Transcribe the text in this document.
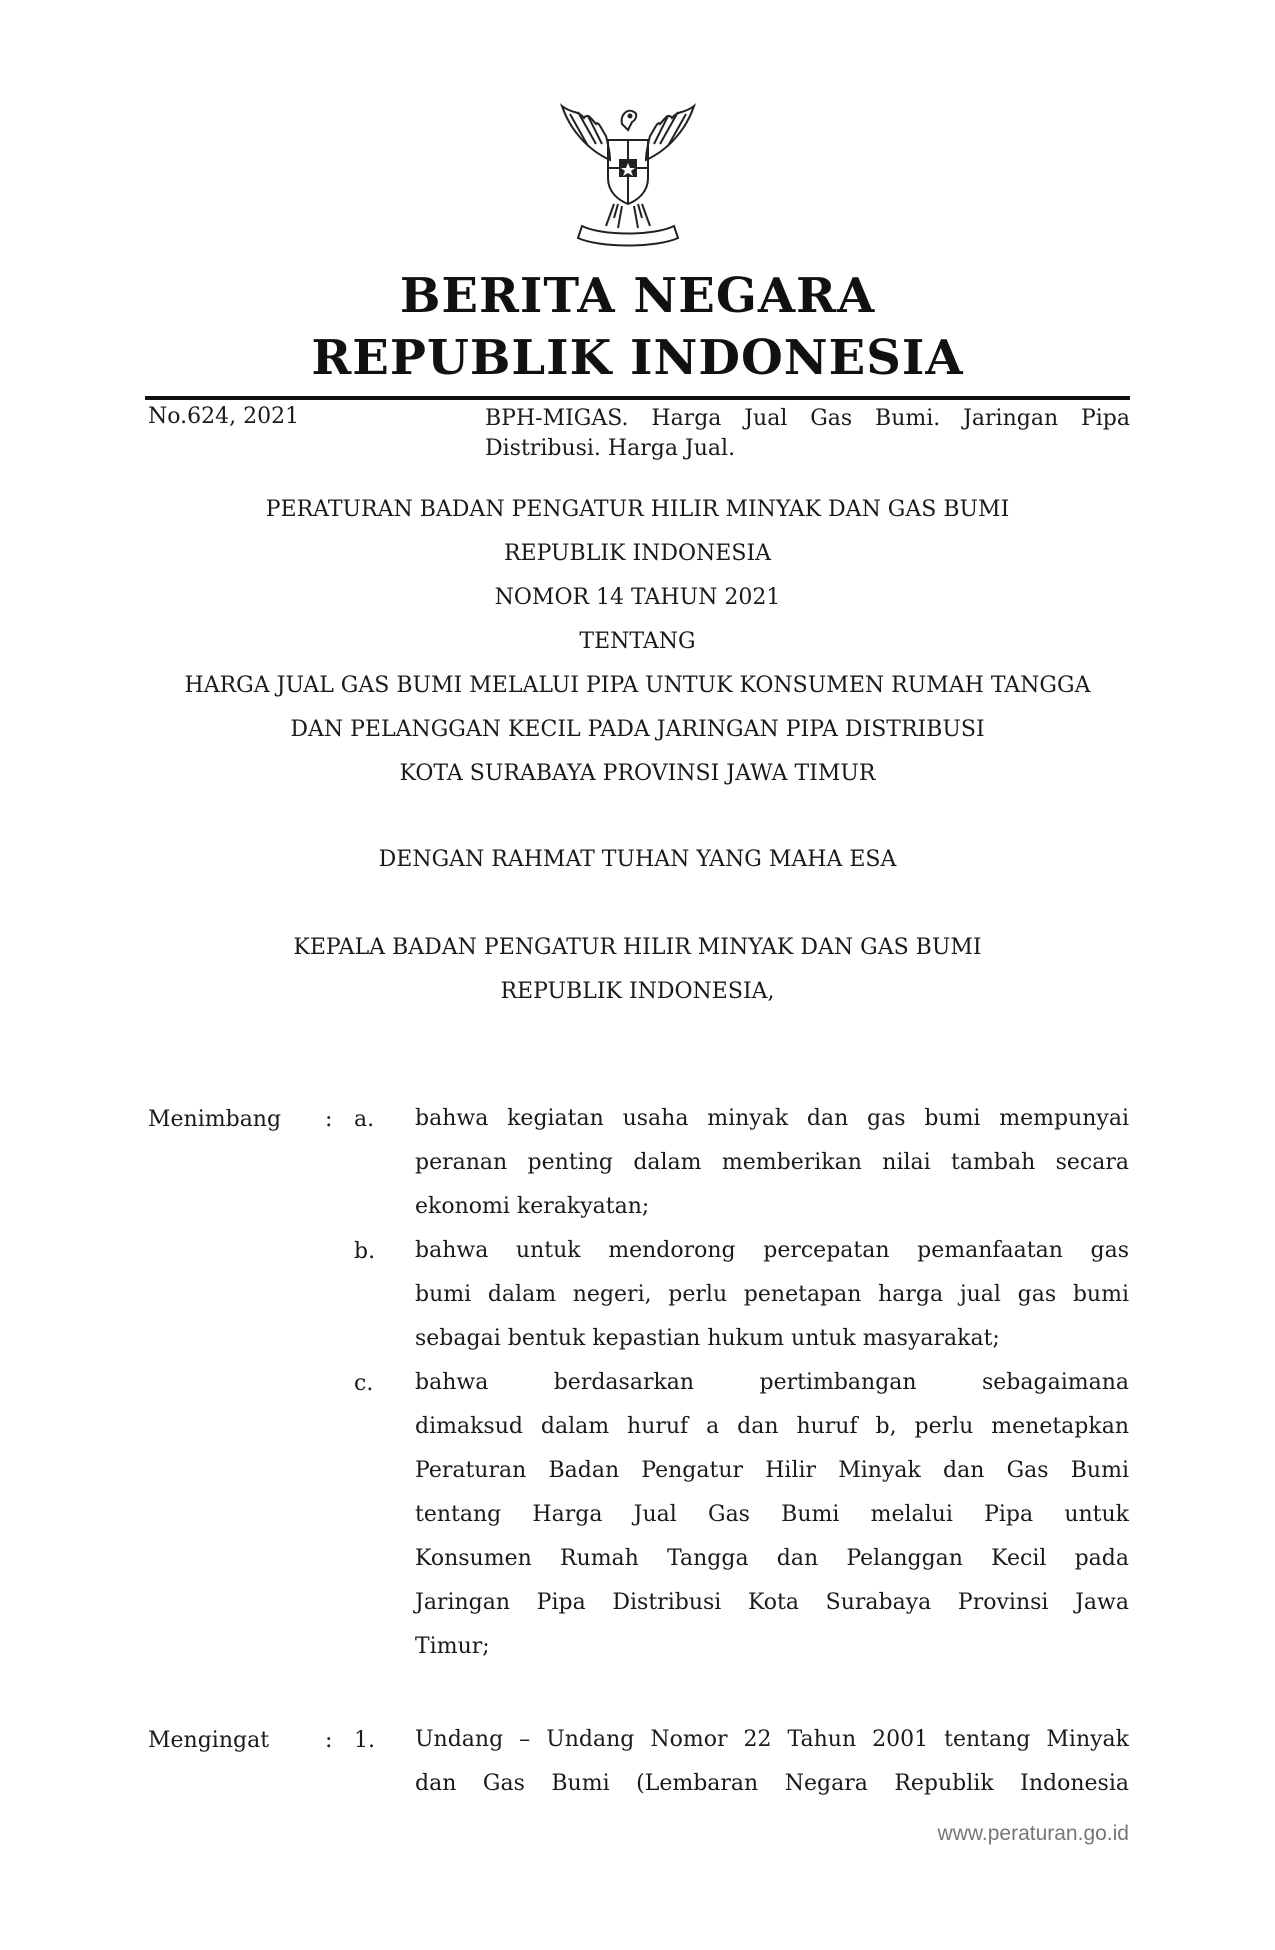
BERITA NEGARA
REPUBLIK INDONESIA
No.624, 2021	BPH-MIGAS. Harga Jual Gas Bumi. Jaringan Pipa
Distribusi. Harga Jual.
PERATURAN BADAN PENGATUR HILIR MINYAK DAN GAS BUMI
REPUBLIK INDONESIA
NOMOR 14 TAHUN 2021
TENTANG
HARGA JUAL GAS BUMI MELALUI PIPA UNTUK KONSUMEN RUMAH TANGGA
DAN PELANGGAN KECIL PADA JARINGAN PIPA DISTRIBUSI
KOTA SURABAYA PROVINSI JAWA TIMUR
DENGAN RAHMAT TUHAN YANG MAHA ESA
KEPALA BADAN PENGATUR HILIR MINYAK DAN GAS BUMI
REPUBLIK INDONESIA,
Menimbang : a. bahwa kegiatan usaha minyak dan gas bumi mempunyai
peranan penting dalam memberikan nilai tambah secara
ekonomi kerakyatan;
b. bahwa untuk mendorong percepatan pemanfaatan gas
bumi dalam negeri, perlu penetapan harga jual gas bumi
sebagai bentuk kepastian hukum untuk masyarakat;
c. bahwa berdasarkan pertimbangan sebagaimana
dimaksud dalam huruf a dan huruf b, perlu menetapkan
Peraturan Badan Pengatur Hilir Minyak dan Gas Bumi
tentang Harga Jual Gas Bumi melalui Pipa untuk
Konsumen Rumah Tangga dan Pelanggan Kecil pada
Jaringan Pipa Distribusi Kota Surabaya Provinsi Jawa
Timur;
Mengingat	: 1. Undang – Undang Nomor 22 Tahun 2001 tentang Minyak
dan Gas Bumi (Lembaran Negara Republik Indonesia
www.peraturan.go.id
